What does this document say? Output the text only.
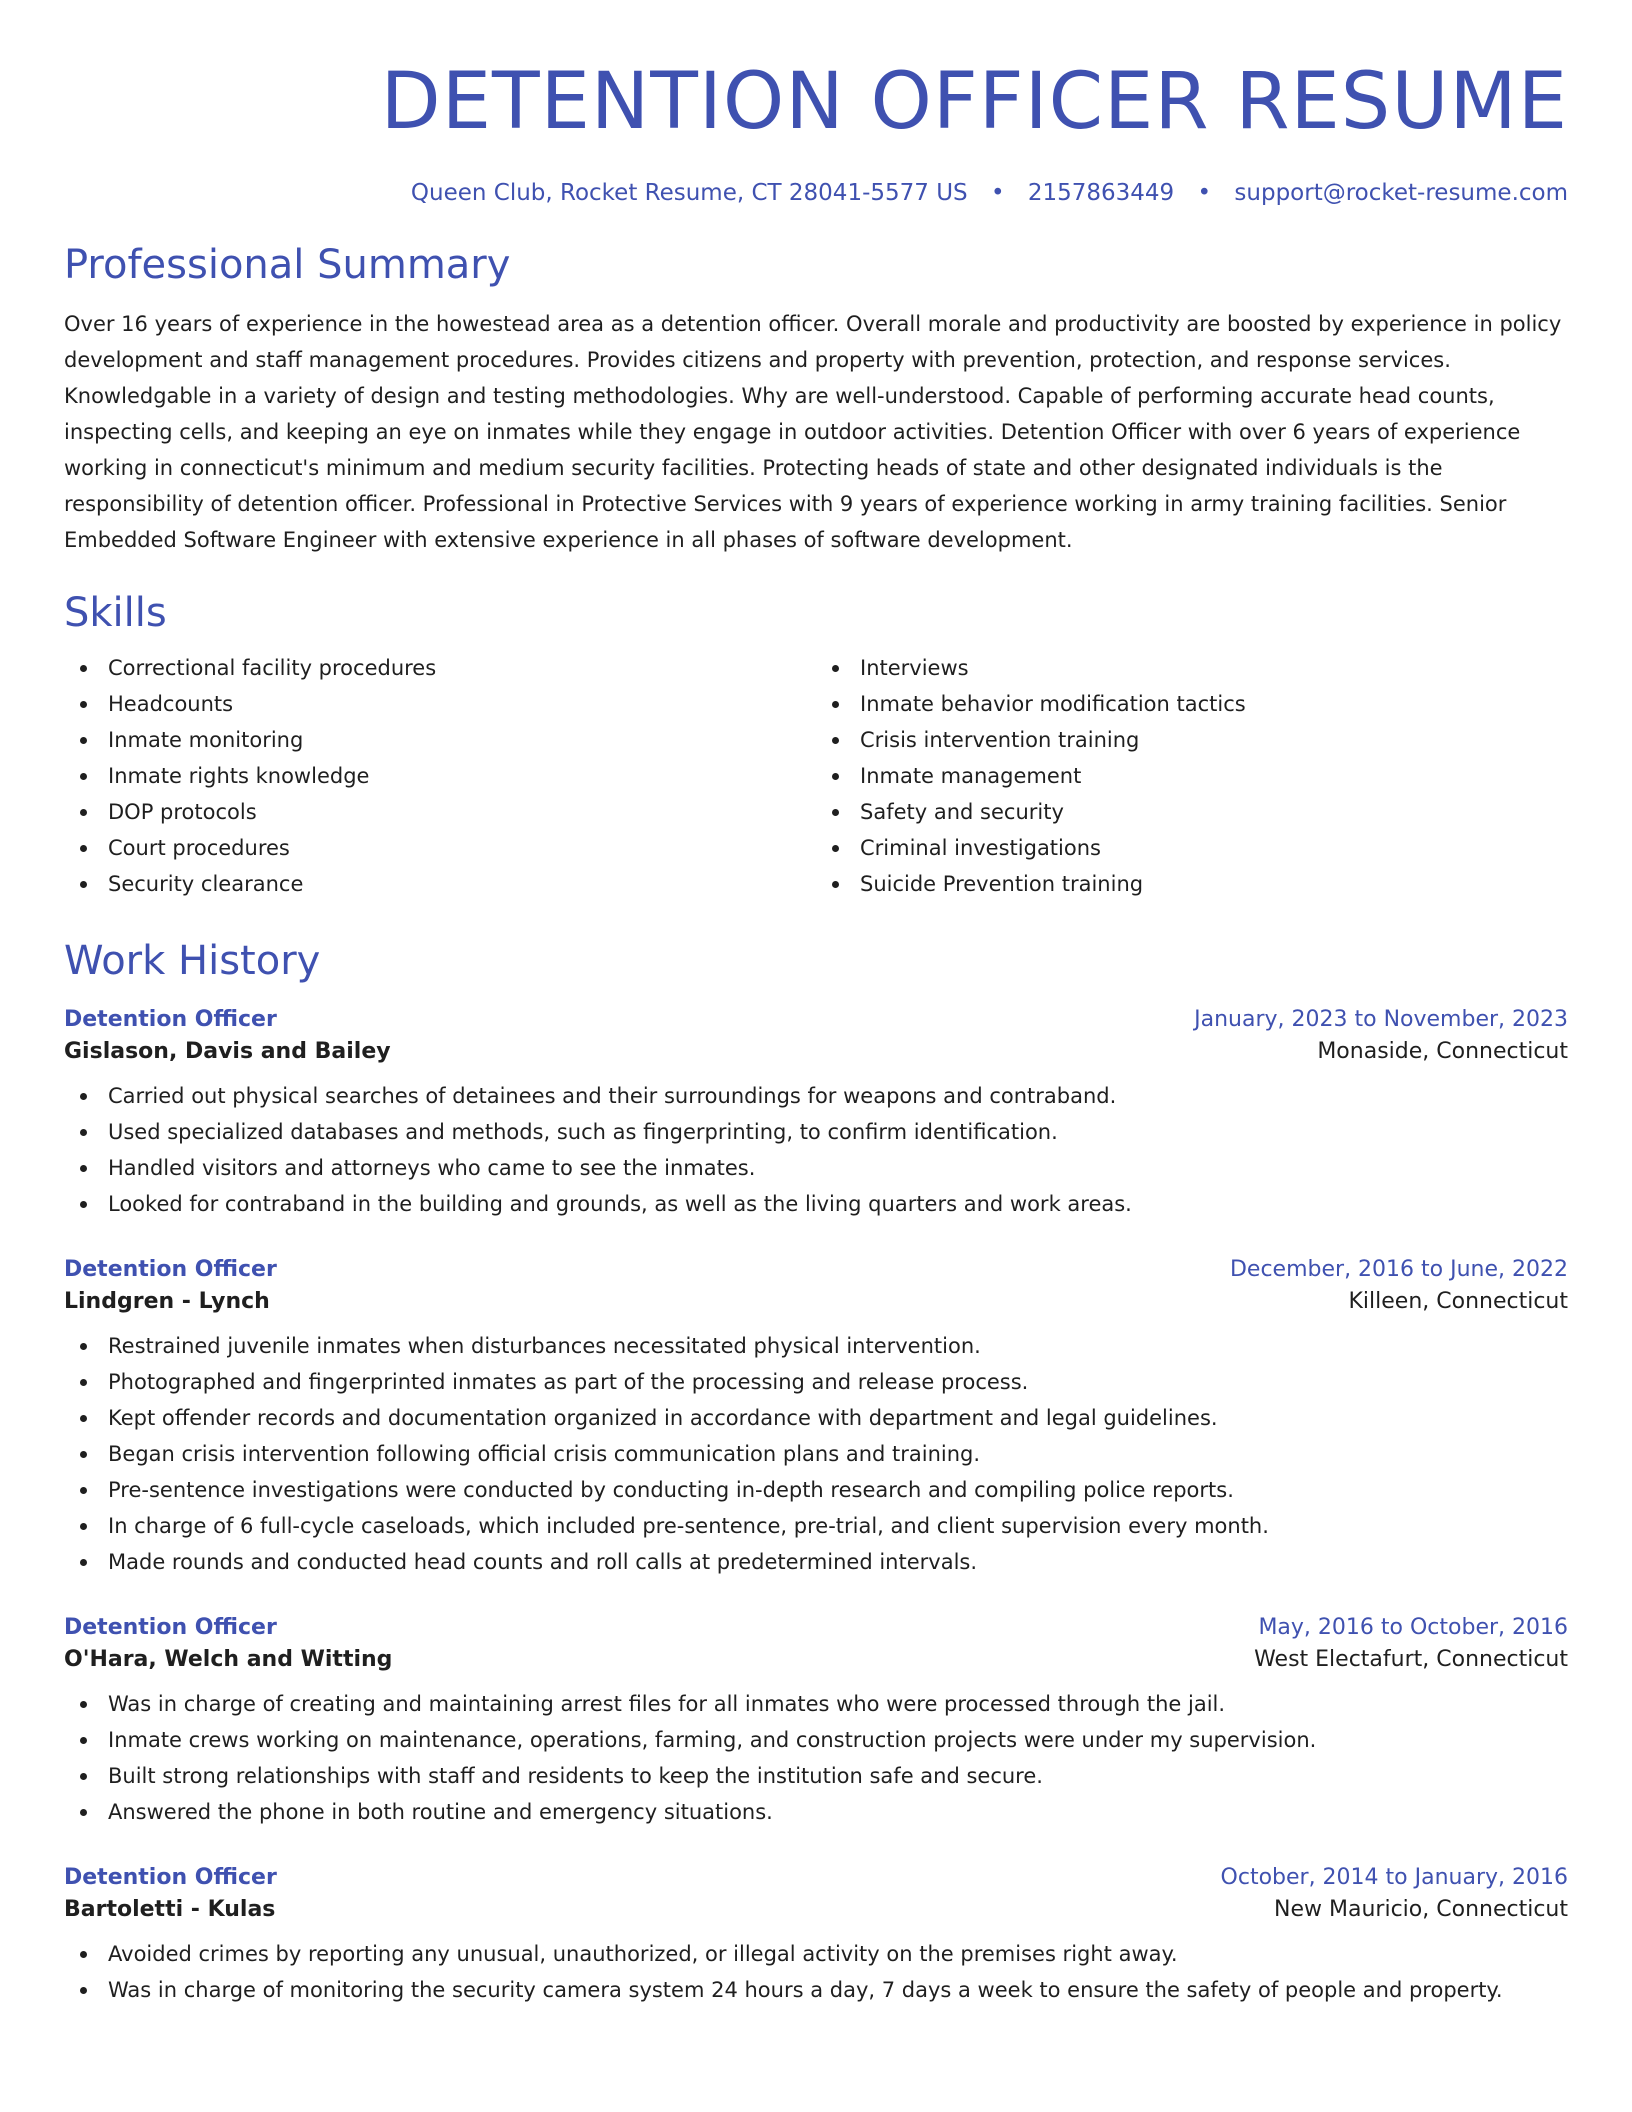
DETENTION OFFICER RESUME
Queen Club, Rocket Resume, CT 28041-5577 US • 2157863449 • support@rocket-resume.com
Professional Summary
Over 16 years of experience in the howestead area as a detention officer. Overall morale and productivity are boosted by experience in policy development and staff management procedures. Provides citizens and property with prevention, protection, and response services. Knowledgable in a variety of design and testing methodologies. Why are well-understood. Capable of performing accurate head counts, inspecting cells, and keeping an eye on inmates while they engage in outdoor activities. Detention Officer with over 6 years of experience working in connecticut's minimum and medium security facilities. Protecting heads of state and other designated individuals is the responsibility of detention officer. Professional in Protective Services with 9 years of experience working in army training facilities. Senior Embedded Software Engineer with extensive experience in all phases of software development.
Skills
Correctional facility procedures
Headcounts
Inmate monitoring
Inmate rights knowledge
DOP protocols
Court procedures
Security clearance
Interviews
Inmate behavior modification tactics
Crisis intervention training
Inmate management
Safety and security
Criminal investigations
Suicide Prevention training
Work History
Detention Officer	January, 2023 to November, 2023
Gislason, Davis and Bailey	Monaside, Connecticut
Carried out physical searches of detainees and their surroundings for weapons and contraband.
Used specialized databases and methods, such as fingerprinting, to confirm identification.
Handled visitors and attorneys who came to see the inmates.
Looked for contraband in the building and grounds, as well as the living quarters and work areas.
Detention Officer	December, 2016 to June, 2022
Lindgren - Lynch	Killeen, Connecticut
Restrained juvenile inmates when disturbances necessitated physical intervention.
Photographed and fingerprinted inmates as part of the processing and release process.
Kept offender records and documentation organized in accordance with department and legal guidelines.
Began crisis intervention following official crisis communication plans and training.
Pre-sentence investigations were conducted by conducting in-depth research and compiling police reports.
In charge of 6 full-cycle caseloads, which included pre-sentence, pre-trial, and client supervision every month.
Made rounds and conducted head counts and roll calls at predetermined intervals.
Detention Officer	May, 2016 to October, 2016
O'Hara, Welch and Witting	West Electafurt, Connecticut
Was in charge of creating and maintaining arrest files for all inmates who were processed through the jail.
Inmate crews working on maintenance, operations, farming, and construction projects were under my supervision.
Built strong relationships with staff and residents to keep the institution safe and secure.
Answered the phone in both routine and emergency situations.
Detention Officer	October, 2014 to January, 2016
Bartoletti - Kulas	New Mauricio, Connecticut
Avoided crimes by reporting any unusual, unauthorized, or illegal activity on the premises right away.
Was in charge of monitoring the security camera system 24 hours a day, 7 days a week to ensure the safety of people and property.
